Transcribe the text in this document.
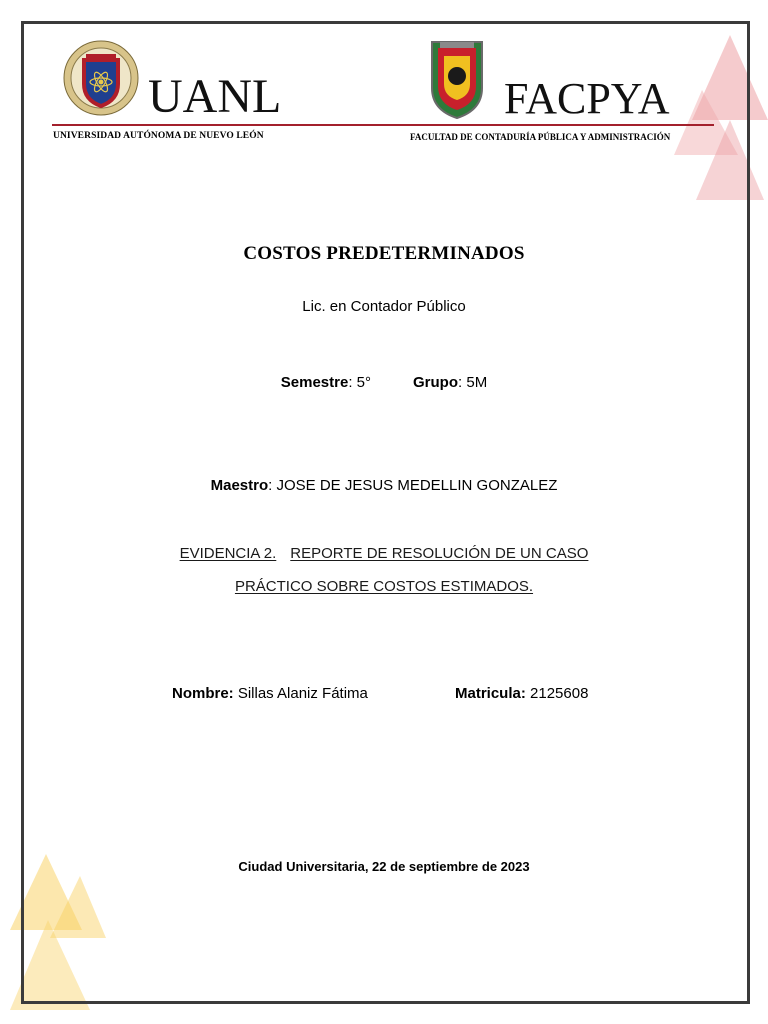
UANL	FACPYA
UNIVERSIDAD AUTÓNOMA DE NUEVO LEÓN	FACULTAD DE CONTADURÍA PÚBLICA Y ADMINISTRACIÓN
COSTOS PREDETERMINADOS
Lic. en Contador Público
Semestre: 5°	Grupo: 5M
Maestro: JOSE DE JESUS MEDELLIN GONZALEZ
EVIDENCIA 2. REPORTE DE RESOLUCIÓN DE UN CASO
PRÁCTICO SOBRE COSTOS ESTIMADOS.
Nombre: Sillas Alaniz Fátima	Matricula: 2125608
Ciudad Universitaria, 22 de septiembre de 2023
